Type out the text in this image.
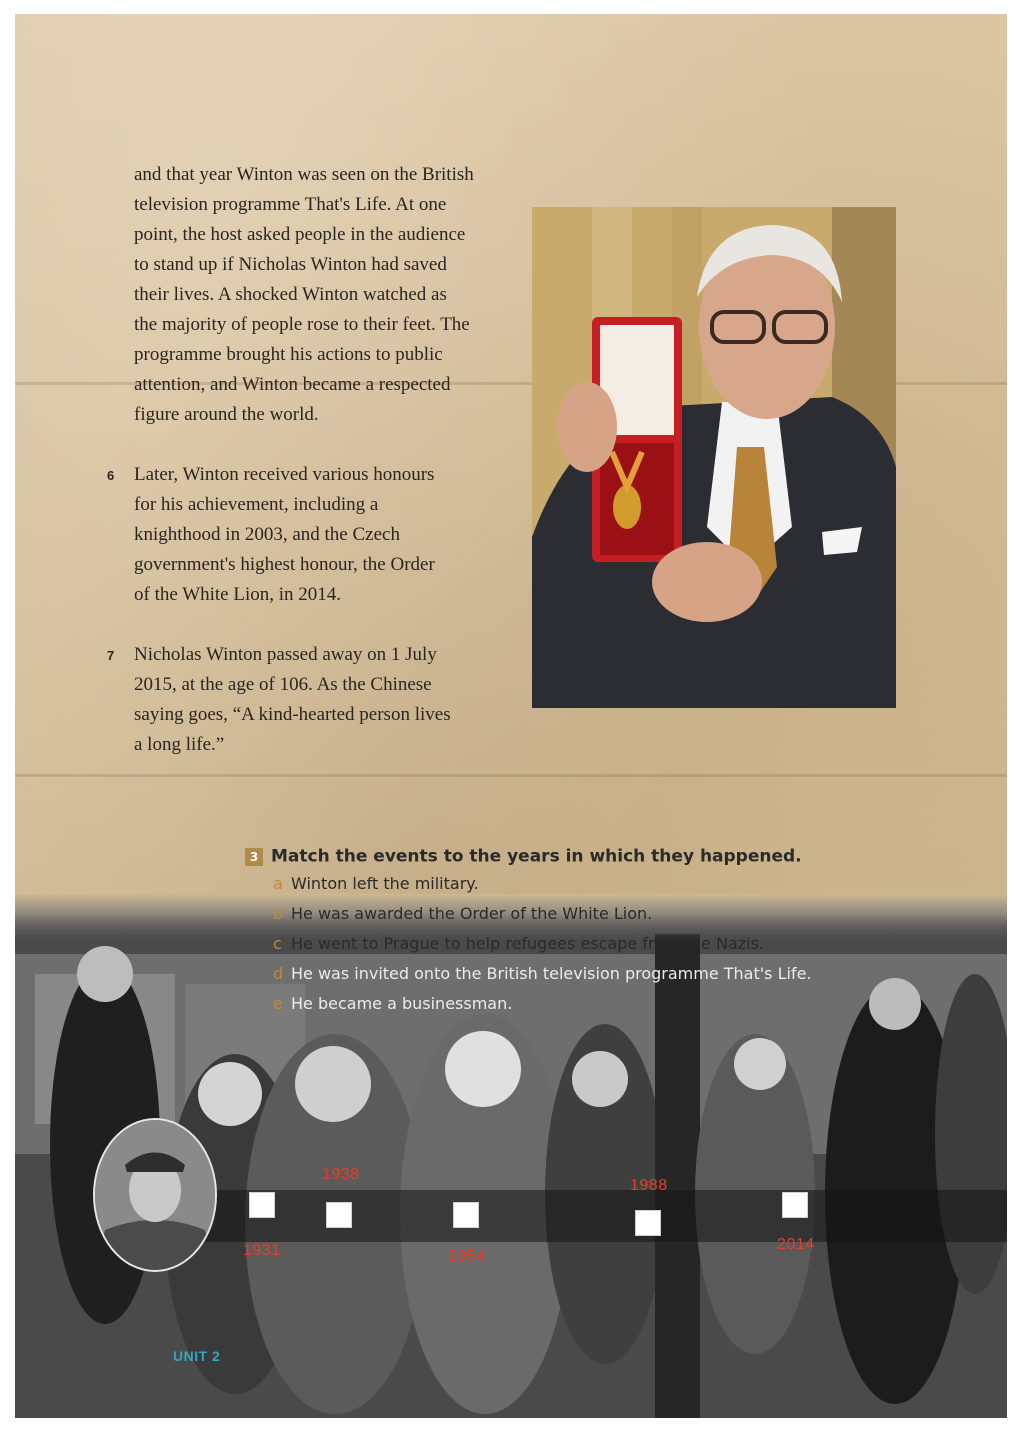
and that year Winton was seen on the British
television programme That's Life. At one
point, the host asked people in the audience
to stand up if Nicholas Winton had saved
their lives. A shocked Winton watched as
the majority of people rose to their feet. The
programme brought his actions to public
attention, and Winton became a respected
figure around the world.
6 Later, Winton received various honours
for his achievement, including a
knighthood in 2003, and the Czech
government's highest honour, the Order
of the White Lion, in 2014.
7 Nicholas Winton passed away on 1 July
2015, at the age of 106. As the Chinese
saying goes, “A kind-hearted person lives
a long life.”
3 Match the events to the years in which they happened.
a Winton left the military.
b He was awarded the Order of the White Lion.
c He went to Prague to help refugees escape from the Nazis.
d He was invited onto the British television programme That's Life.
e He became a businessman.
1931
1938
1954
1988
2014
UNIT 2
